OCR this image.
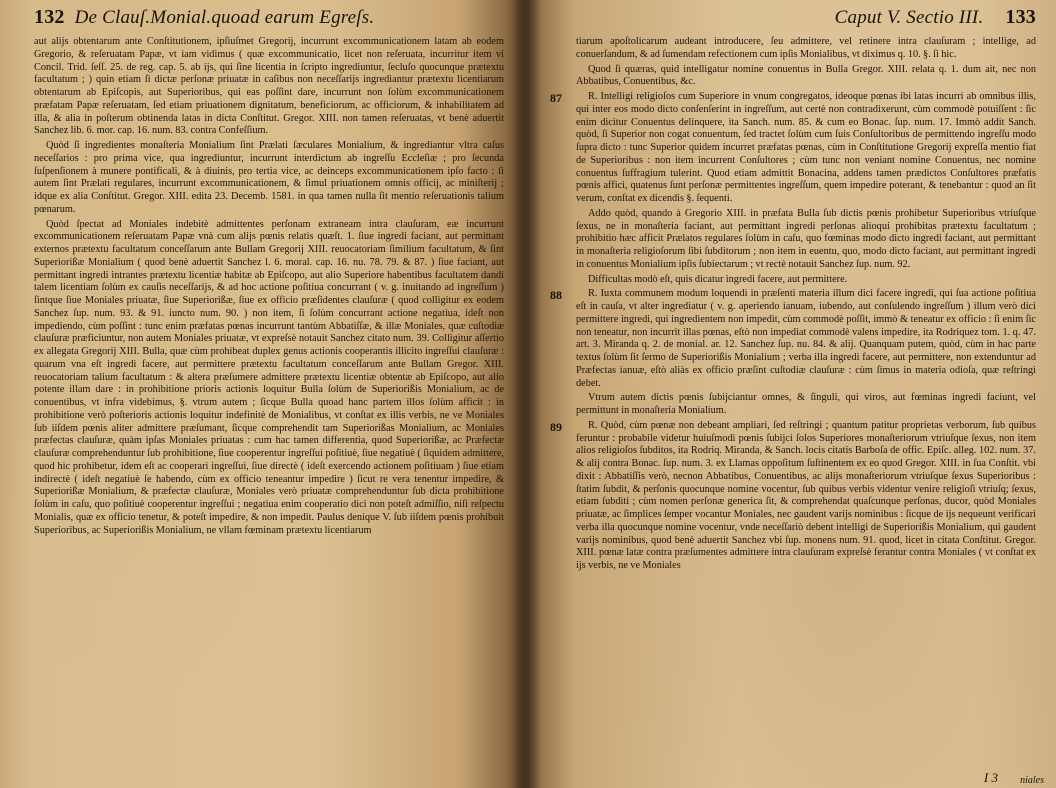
132 De Clauſ.Monial.quoad earum Egreſs.

aut alijs obtentarum ante Conſtitutionem, ipſiuſmet Gregorij, incurrunt excommunicationem latam ab eodem Gregorio, & reſeruatam Papæ, vt iam vidimus ( quæ excommunicatio, licet non reſeruata, incurritur item vi Concil. Trid. ſeſſ. 25. de reg. cap. 5. ab ijs, qui ſine licentia in ſcripto ingrediuntur, ſecluſo quocunque prætextu facultatum ; ) quin etiam ſi dictæ perſonæ priuatæ in caſibus non neceſſarijs ingrediantur prætextu licentiarum obtentarum ab Epiſcopis, aut Superioribus, qui eas poſſint dare, incurrunt non ſolùm excommunicationem præfatam Papæ reſeruatam, ſed etiam priuationem dignitatum, beneficiorum, ac officiorum, & inhabilitatem ad illa, & alia in poſterum obtinenda latas in dicta Conſtitut. Gregor. XIII. non tamen reſeruatas, vt benè aduertit Sanchez lib. 6. mor. cap. 16. num. 83. contra Confeſſium.

Quòd ſi ingredientes monaſteria Monialium ſint Prælati ſæculares Monialium, & ingrediantur vltra caſus neceſſarios : pro prima vice, qua ingrediuntur, incurrunt interdictum ab ingreſſu Eccleſiæ ; pro ſecunda ſuſpenſionem à munere pontificali, & à diuinis, pro tertia vice, ac deinceps excommunicationem ipſo facto : ſi autem ſint Prælati regulares, incurrunt excommunicationem, & ſimul priuationem omnis officij, ac miniſterij ; idque ex alia Conſtitut. Gregor. XIII. edita 23. Decemb. 1581. in qua tamen nulla ſit mentio reſeruationis talium pœnarum.

Quòd ſpectat ad Moniales indebitè admittentes perſonam extraneam intra clauſuram, eæ incurrunt excommunicationem reſeruatam Papæ vnà cum alijs pœnis relatis quæſt. 1. ſiue ingredi faciant, aut permittant externos prætextu facultatum conceſſarum ante Bullam Gregorij XIII. reuocatoriam ſimilium facultatum, & ſint Superiorißæ Monialium ( quod benè aduertit Sanchez l. 6. moral. cap. 16. nu. 78. 79. & 87. ) ſiue faciant, aut permittant ingredi intrantes prætextu licentiæ habitæ ab Epiſcopo, aut alio Superiore habentibus facultatem dandi talem licentiam ſolùm ex cauſis neceſſarijs, & ad hoc actione poſitiua concurrant ( v. g. inuitando ad ingreſſum ) ſintque ſiue Moniales priuatæ, ſiue Superiorißæ, ſiue ex officio præſidentes clauſuræ ( quod colligitur ex eodem Sanchez ſup. num. 93. & 91. iuncto num. 90. ) non item, ſi ſolùm concurrant actione negatiua, ideſt non impediendo, cùm poſſint : tunc enim præfatas pœnas incurrunt tantùm Abbatiſſæ, & illæ Moniales, quæ cuſtodiæ clauſuræ præficiuntur, non autem Moniales priuatæ, vt expreſsè notauit Sanchez citato num. 39. Colligitur aſſertio ex allegata Gregorij XIII. Bulla, quæ cùm prohibeat duplex genus actionis cooperantis illicito ingreſſui clauſuræ : quarum vna eſt ingredi facere, aut permittere prætextu facultatum conceſſarum ante Bullam Gregor. XIII. reuocatoriam talium facultatum : & altera præſumere admittere prætextu licentiæ obtentæ ab Epiſcopo, aut alio potente illam dare : in prohibitione prioris actionis loquitur Bulla ſolùm de Superiorißis Monialium, ac de conuentibus, vt infra videbimus, §. vtrum autem ; ſicque Bulla quoad hanc partem illos ſolùm afficit : in prohibitione verò poſterioris actionis loquitur indefinitè de Monialibus, vt conſtat ex illis verbis, ne ve Moniales ſub iiſdem pœnis aliter admittere præſumant, ſicque comprehendit tam Superiorißas Monialium, ac Moniales præfectas clauſuræ, quàm ipſas Moniales priuatas : cum hac tamen differentia, quod Superiorißæ, ac Præfectæ clauſuræ comprehenduntur ſub prohibitione, ſiue cooperentur ingreſſui poſitiuè, ſiue negatiuè ( ſiquidem admittere, quod hic prohibetur, idem eſt ac cooperari ingreſſui, ſiue directè ( ideſt exercendo actionem poſitiuam ) ſiue etiam indirectè ( ideſt negatiuè ſe habendo, cùm ex officio teneantur impedire ) ſicut re vera tenentur impedire, & Superiorißæ Monialium, & præfectæ clauſuræ, Moniales verò priuatæ comprehenduntur ſub dicta prohibitione ſolùm in caſu, quo poſitiuè cooperentur ingreſſui ; negatiua enim cooperatio dici non poteſt admiſſio, niſi reſpectu Monialis, quæ ex officio tenetur, & poteſt impedire, & non impedit. Paulus denique V. ſub iiſdem pœnis prohibuit Superioribus, ac Superiorißis Monialium, ne vllam fœminam prætextu licentiarum

Caput V. Sectio III.	133

tiarum apoſtolicarum audeant introducere, ſeu admittere, vel retinere intra clauſuram ; intellige, ad conuerſandum, & ad ſumendam refectionem cum ipſis Monialibus, vt diximus q. 10. §. ſi hic.

Quod ſi quæras, quid intelligatur nomine conuentus in Bulla Gregor. XIII. relata q. 1. dum ait, nec non Abbatibus, Conuentibus, &c.

87	R. Intelligi religioſos cum Superiore in vnum congregatos, ideoque pœnas ibi latas incurri ab omnibus illis, qui inter eos modo dicto conſenſerint in ingreſſum, aut certè non contradixerunt, cùm commodè potuiſſent : ſic enim dicitur Conuentus delinquere, ita Sanch. num. 85. & cum eo Bonac. ſup. num. 17. Immò addit Sanch. quòd, ſi Superior non cogat conuentum, ſed tractet ſolùm cum ſuis Conſultoribus de permittendo ingreſſu modo ſupra dicto : tunc Superior quidem incurret præfatas pœnas, cùm in Conſtitutione Gregorij expreſſa mentio fiat de Superioribus : non item incurrent Conſultores ; cùm tunc non veniant nomine Conuentus, nec nomine conuentus ſuffragium tulerint. Quod etiam admittit Bonacina, addens tamen prædictos Conſultores præfatis pœnis affici, quatenus ſunt perſonæ permittentes ingreſſum, quem impedire poterant, & tenebantur : quod an ſit verum, conſtat ex dicendis §. ſequenti.

Addo quòd, quando à Gregorio XIII. in præfata Bulla ſub dictis pœnis prohibetur Superioribus vtriuſque ſexus, ne in monaſteria faciant, aut permittant ingredi perſonas alioqui prohibitas prætextu facultatum ; prohibitio hæc afficit Prælatos regulares ſolùm in caſu, quo fœminas modo dicto ingredi faciant, aut permittant in monaſteria religioſorum ſibi ſubditorum ; non item in euentu, quo, modo dicto faciant, aut permittant ingredi in conuentus Monialium ipſis ſubiectarum ; vt rectè notauit Sanchez ſup. num. 92.

Difficultas modò eſt, quis dicatur ingredi facere, aut permittere.

88	R. Iuxta communem modum loquendi in præſenti materia illum dici facere ingredi, qui ſua actione poſitiua eſt in cauſa, vt alter ingrediatur ( v. g. aperiendo ianuam, iubendo, aut conſulendo ingreſſum ) illum verò dici permittere ingredi, qui ingredientem non impedit, cùm commodè poſſit, immò & teneatur ex officio : ſi enim ſic non teneatur, non incurrit illas pœnas, eſtò non impediat commodè valens impedire, ita Rodriquez tom. 1. q. 47. art. 3. Miranda q. 2. de monial. ar. 12. Sanchez ſup. nu. 84. & alij. Quanquam putem, quòd, cùm in hac parte textus ſolùm ſit ſermo de Superiorißis Monialium ; verba illa ingredi facere, aut permittere, non extenduntur ad Præfectas ianuæ, eſtò aliàs ex officio præſint cuſtodiæ clauſuræ : cùm ſimus in materia odioſa, quæ reſtringi debet.

Vtrum autem dictis pœnis ſubijciantur omnes, & ſinguli, qui viros, aut fœminas ingredi faciunt, vel permittunt in monaſteria Monialium.

89	R. Quòd, cùm pœnæ non debeant ampliari, ſed reſtringi ; quantum patitur proprietas verborum, ſub quibus feruntur : probabile videtur huiuſmodi pœnis ſubijci ſolos Superiores monaſteriorum vtriuſque ſexus, non item alios religioſos ſubditos, ita Rodriq. Miranda, & Sanch. locis citatis Barboſa de offic. Epiſc. alleg. 102. num. 37. & alij contra Bonac. ſup. num. 3. ex Llamas oppoſitum ſuſtinentem ex eo quod Gregor. XIII. in ſua Conſtit. vbi dixit : Abbatiſſis verò, necnon Abbatibus, Conuentibus, ac alijs monaſteriorum vtriuſque ſexus Superioribus : ſtatim ſubdit, & perſonis quocunque nomine vocentur, ſub quibus verbis videntur venire religioſi vtriuſq; ſexus, etiam ſubditi ; cùm nomen perſonæ generica ſit, & comprehendat quaſcunque perſonas, ducor, quòd Moniales priuatæ, ac ſimplices ſemper vocantur Moniales, nec gaudent varijs nominibus : ſicque de ijs nequeunt verificari verba illa quocunque nomine vocentur, vnde neceſſariò debent intelligi de Superiorißis Monialium, qui gaudent varijs nominibus, quod benè aduertit Sanchez vbi ſup. monens num. 91. quod, licet in citata Conſtitut. Gregor. XIII. pœnæ latæ contra præſumentes admittere intra clauſuram expreſsè ferantur contra Moniales ( vt conſtat ex ijs verbis, ne ve Moniales

I 3 niales
